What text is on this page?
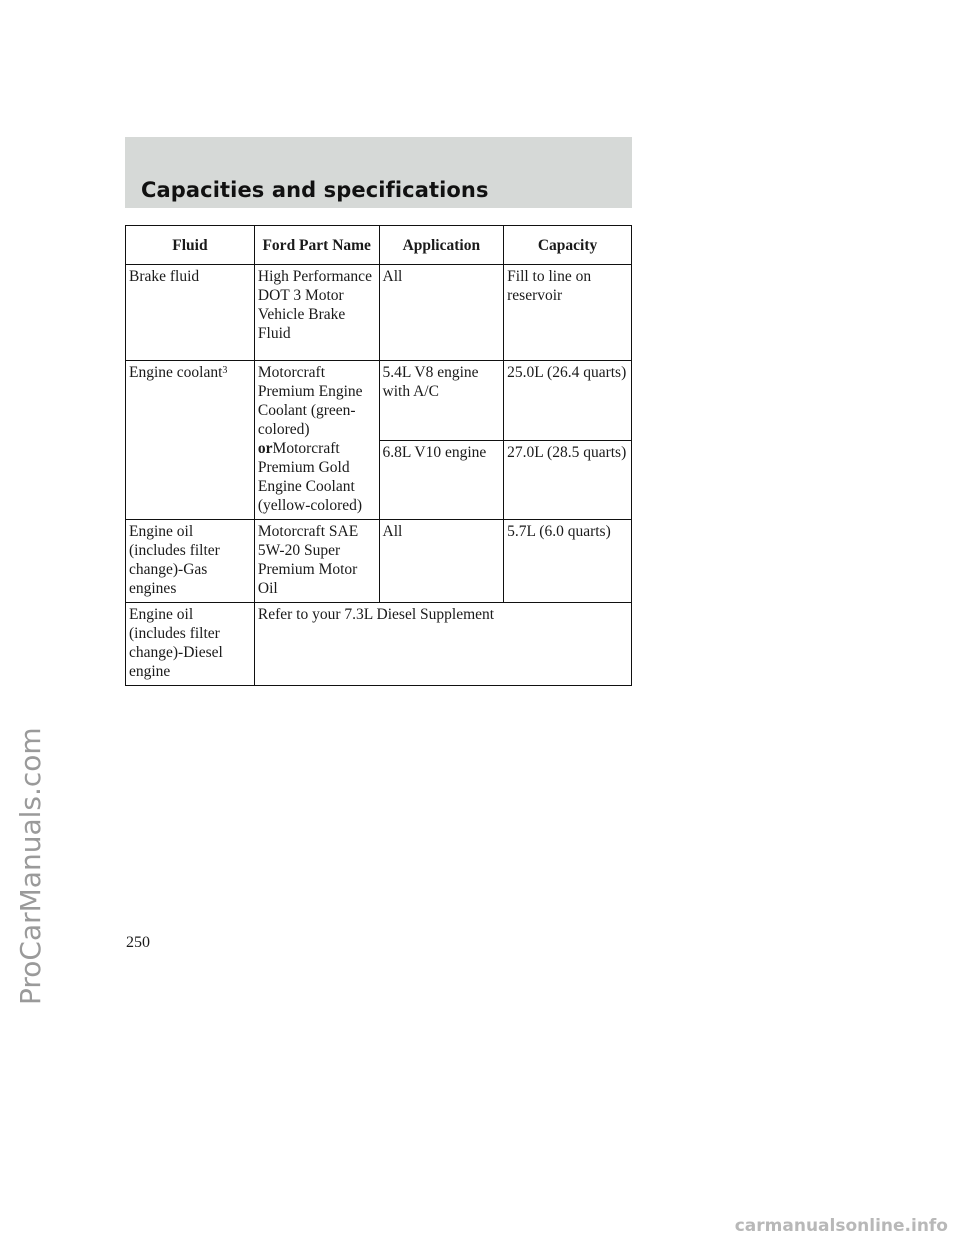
Capacities and specifications
Fluid	Ford Part Name	Application	Capacity
Brake fluid	High Performance DOT 3 Motor Vehicle Brake Fluid	All	Fill to line on reservoir
Engine coolant$^3$	Motorcraft Premium Engine Coolant (green-colored) orMotorcraft Premium Gold Engine Coolant (yellow-colored)	5.4L V8 engine with A/C	25.0L (26.4 quarts)
		6.8L V10 engine	27.0L (28.5 quarts)
Engine oil (includes filter change)-Gas engines	Motorcraft SAE 5W-20 Super Premium Motor Oil	All	5.7L (6.0 quarts)
Engine oil (includes filter change)-Diesel engine	Refer to your 7.3L Diesel Supplement		

250

ProCarManuals.com

carmanualsonline.info
